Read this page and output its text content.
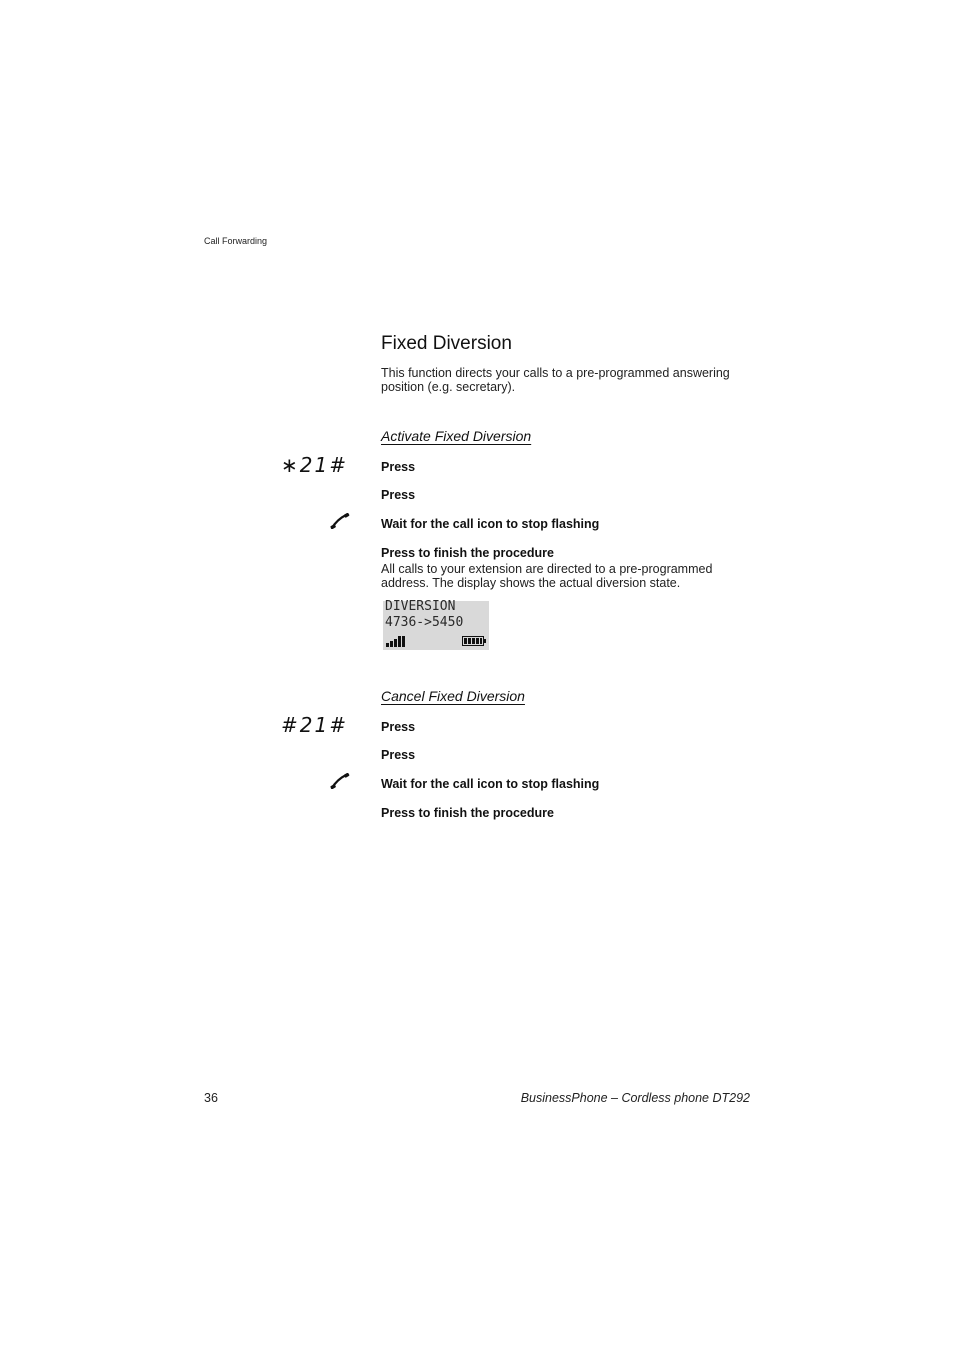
Call Forwarding
Fixed Diversion
This function directs your calls to a pre-programmed answering position (e.g. secretary).
Activate Fixed Diversion
∗21#	Press
Press
Wait for the call icon to stop flashing
Press to finish the procedure
All calls to your extension are directed to a pre-programmed address. The display shows the actual diversion state.
DIVERSION
4736->5450
Cancel Fixed Diversion
#21#	Press
Press
Wait for the call icon to stop flashing
Press to finish the procedure
36	BusinessPhone – Cordless phone DT292
